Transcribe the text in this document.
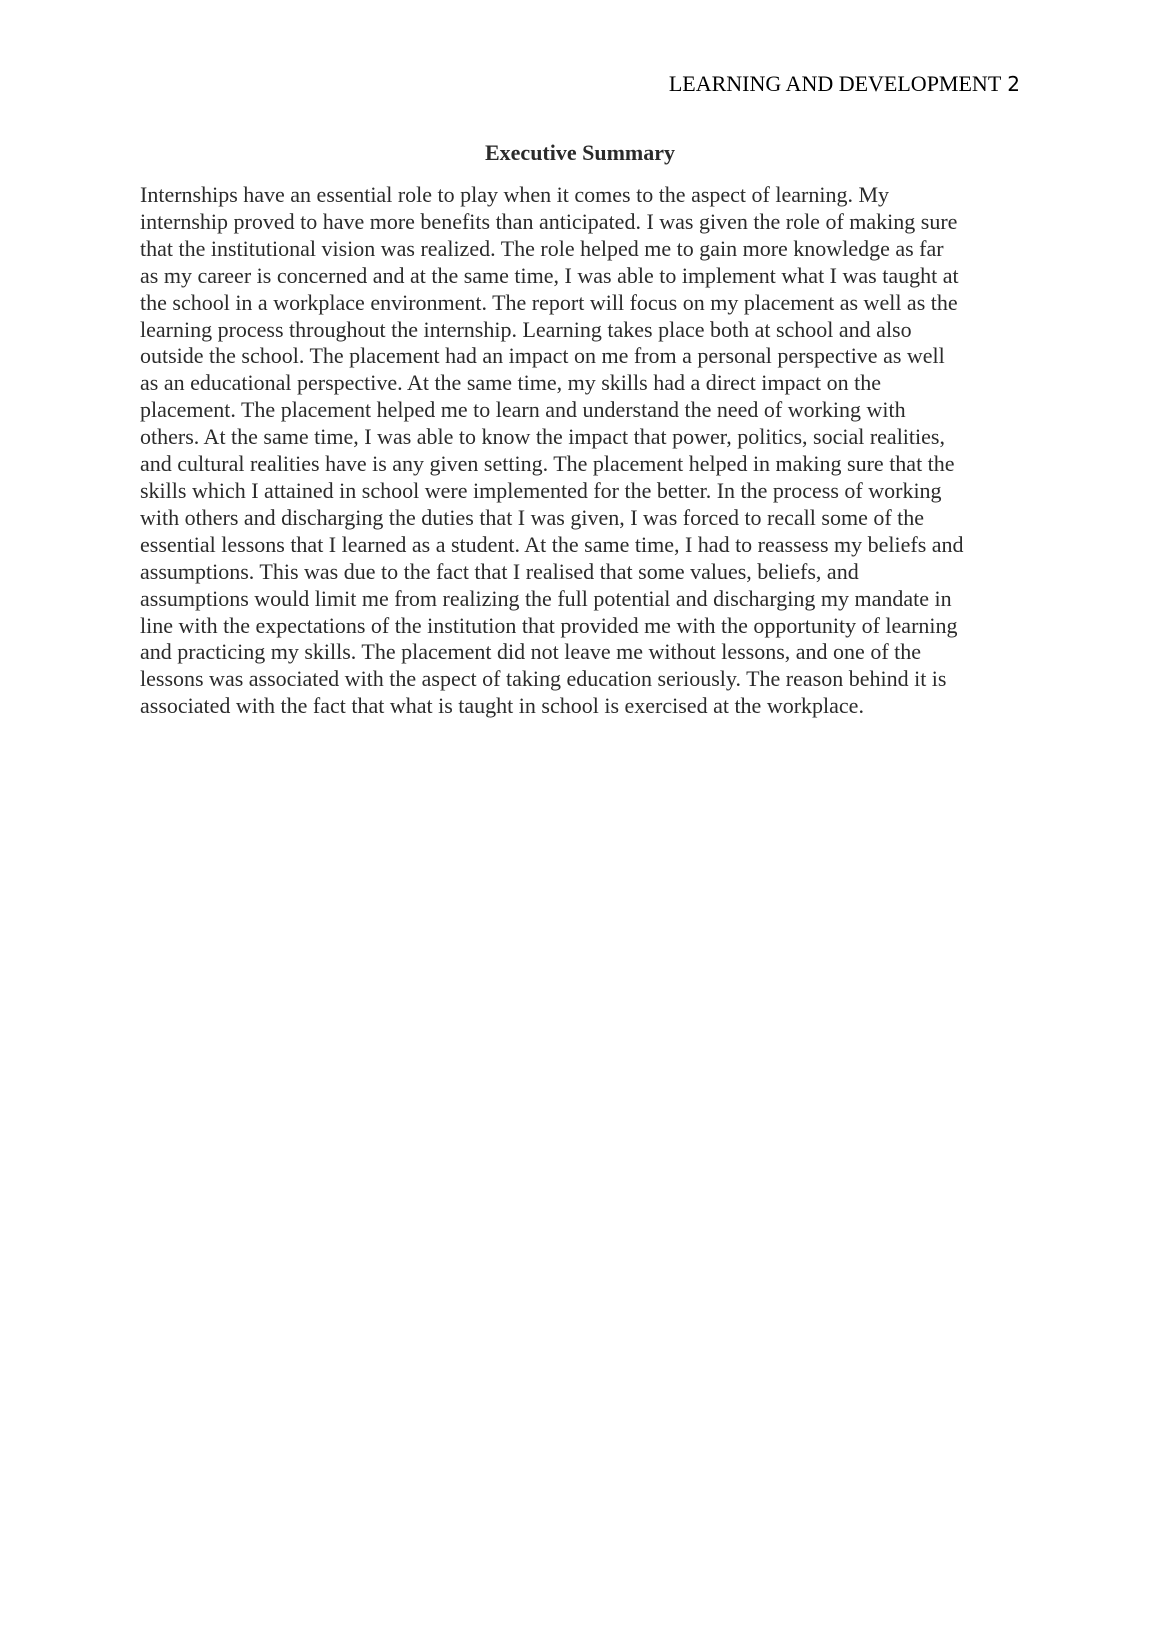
LEARNING AND DEVELOPMENT 2
Executive Summary
Internships have an essential role to play when it comes to the aspect of learning. My
internship proved to have more benefits than anticipated. I was given the role of making sure
that the institutional vision was realized. The role helped me to gain more knowledge as far
as my career is concerned and at the same time, I was able to implement what I was taught at
the school in a workplace environment. The report will focus on my placement as well as the
learning process throughout the internship. Learning takes place both at school and also
outside the school. The placement had an impact on me from a personal perspective as well
as an educational perspective. At the same time, my skills had a direct impact on the
placement. The placement helped me to learn and understand the need of working with
others. At the same time, I was able to know the impact that power, politics, social realities,
and cultural realities have is any given setting. The placement helped in making sure that the
skills which I attained in school were implemented for the better. In the process of working
with others and discharging the duties that I was given, I was forced to recall some of the
essential lessons that I learned as a student. At the same time, I had to reassess my beliefs and
assumptions. This was due to the fact that I realised that some values, beliefs, and
assumptions would limit me from realizing the full potential and discharging my mandate in
line with the expectations of the institution that provided me with the opportunity of learning
and practicing my skills. The placement did not leave me without lessons, and one of the
lessons was associated with the aspect of taking education seriously. The reason behind it is
associated with the fact that what is taught in school is exercised at the workplace.
